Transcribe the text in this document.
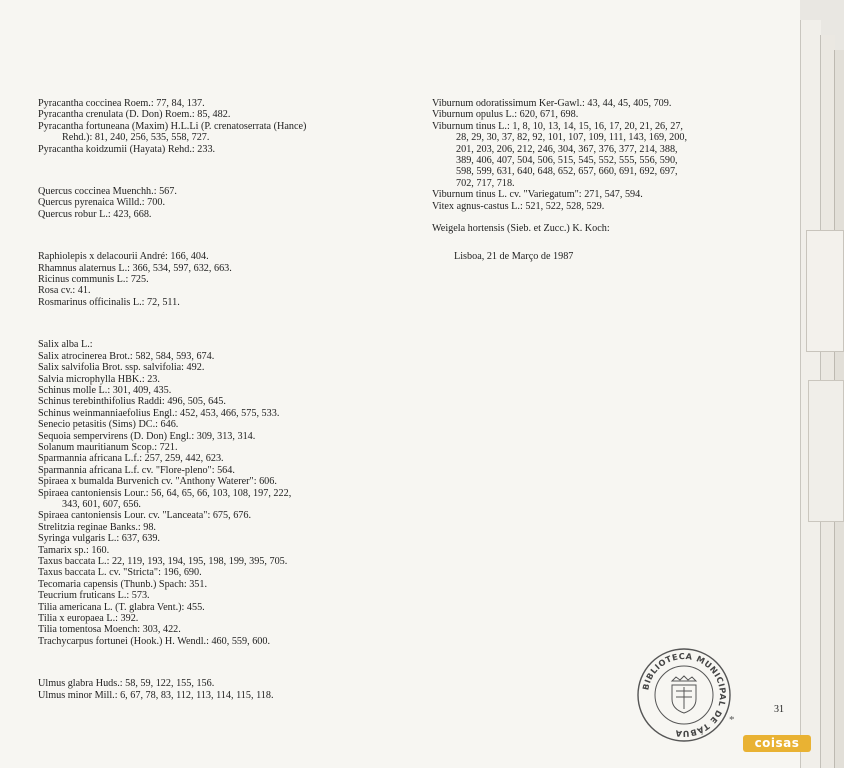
Pyracantha coccinea Roem.: 77, 84, 137.
Pyracantha crenulata (D. Don) Roem.: 85, 482.
Pyracantha fortuneana (Maxim) H.L.Li (P. crenatoserrata (Hance)
Rehd.): 81, 240, 256, 535, 558, 727.
Pyracantha koidzumii (Hayata) Rehd.: 233.
Quercus coccinea Muenchh.: 567.
Quercus pyrenaica Willd.: 700.
Quercus robur L.: 423, 668.
Raphiolepis x delacourii André: 166, 404.
Rhamnus alaternus L.: 366, 534, 597, 632, 663.
Ricinus communis L.: 725.
Rosa cv.: 41.
Rosmarinus officinalis L.: 72, 511.
Salix alba L.:
Salix atrocinerea Brot.: 582, 584, 593, 674.
Salix salvifolia Brot. ssp. salvifolia: 492.
Salvia microphylla HBK.: 23.
Schinus molle L.: 301, 409, 435.
Schinus terebinthifolius Raddi: 496, 505, 645.
Schinus weinmanniaefolius Engl.: 452, 453, 466, 575, 533.
Senecio petasitis (Sims) DC.: 646.
Sequoia sempervirens (D. Don) Engl.: 309, 313, 314.
Solanum mauritianum Scop.: 721.
Sparmannia africana L.f.: 257, 259, 442, 623.
Sparmannia africana L.f. cv. "Flore-pleno": 564.
Spiraea x bumalda Burvenich cv. "Anthony Waterer": 606.
Spiraea cantoniensis Lour.: 56, 64, 65, 66, 103, 108, 197, 222,
343, 601, 607, 656.
Spiraea cantoniensis Lour. cv. "Lanceata": 675, 676.
Strelitzia reginae Banks.: 98.
Syringa vulgaris L.: 637, 639.
Tamarix sp.: 160.
Taxus baccata L.: 22, 119, 193, 194, 195, 198, 199, 395, 705.
Taxus baccata L. cv. "Stricta": 196, 690.
Tecomaria capensis (Thunb.) Spach: 351.
Teucrium fruticans L.: 573.
Tilia americana L. (T. glabra Vent.): 455.
Tilia x europaea L.: 392.
Tilia tomentosa Moench: 303, 422.
Trachycarpus fortunei (Hook.) H. Wendl.: 460, 559, 600.
Ulmus glabra Huds.: 58, 59, 122, 155, 156.
Ulmus minor Mill.: 6, 67, 78, 83, 112, 113, 114, 115, 118.
Viburnum odoratissimum Ker-Gawl.: 43, 44, 45, 405, 709.
Viburnum opulus L.: 620, 671, 698.
Viburnum tinus L.: 1, 8, 10, 13, 14, 15, 16, 17, 20, 21, 26, 27,
28, 29, 30, 37, 82, 92, 101, 107, 109, 111, 143, 169, 200,
201, 203, 206, 212, 246, 304, 367, 376, 377, 214, 388,
389, 406, 407, 504, 506, 515, 545, 552, 555, 556, 590,
598, 599, 631, 640, 648, 652, 657, 660, 691, 692, 697,
702, 717, 718.
Viburnum tinus L. cv. "Variegatum": 271, 547, 594.
Vitex agnus-castus L.: 521, 522, 528, 529.
Weigela hortensis (Sieb. et Zucc.) K. Koch:
Lisboa, 21 de Março de 1987
31
BIBLIOTECA MUNICIPAL DE TÁBUA
*
coisas
